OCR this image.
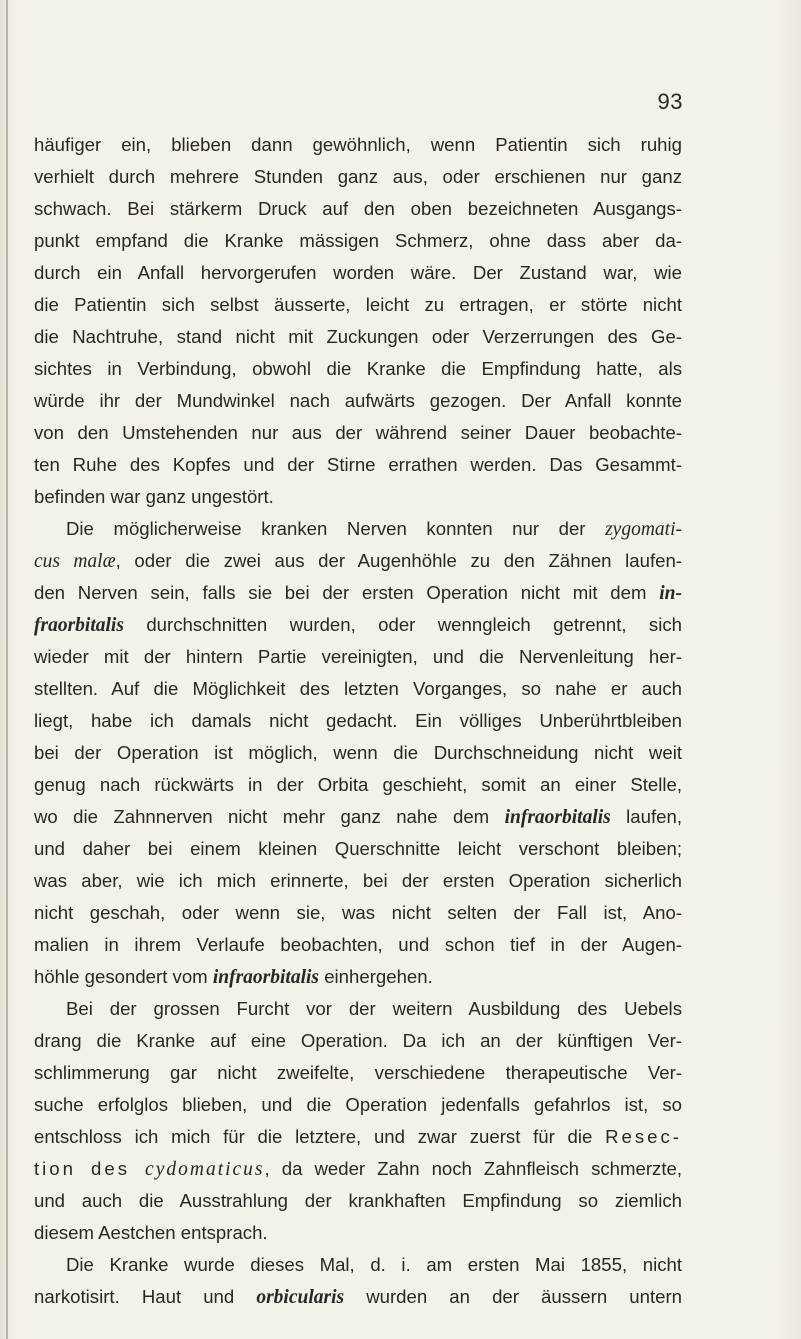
93
häufiger ein, blieben dann gewöhnlich, wenn Patientin sich ruhig
verhielt durch mehrere Stunden ganz aus, oder erschienen nur ganz
schwach. Bei stärkerm Druck auf den oben bezeichneten Ausgangs-
punkt empfand die Kranke mässigen Schmerz, ohne dass aber da-
durch ein Anfall hervorgerufen worden wäre. Der Zustand war, wie
die Patientin sich selbst äusserte, leicht zu ertragen, er störte nicht
die Nachtruhe, stand nicht mit Zuckungen oder Verzerrungen des Ge-
sichtes in Verbindung, obwohl die Kranke die Empfindung hatte, als
würde ihr der Mundwinkel nach aufwärts gezogen. Der Anfall konnte
von den Umstehenden nur aus der während seiner Dauer beobachte-
ten Ruhe des Kopfes und der Stirne errathen werden. Das Gesammt-
befinden war ganz ungestört.
Die möglicherweise kranken Nerven konnten nur der zygomati-
cus malæ, oder die zwei aus der Augenhöhle zu den Zähnen laufen-
den Nerven sein, falls sie bei der ersten Operation nicht mit dem in-
fraorbitalis durchschnitten wurden, oder wenngleich getrennt, sich
wieder mit der hintern Partie vereinigten, und die Nervenleitung her-
stellten. Auf die Möglichkeit des letzten Vorganges, so nahe er auch
liegt, habe ich damals nicht gedacht. Ein völliges Unberührtbleiben
bei der Operation ist möglich, wenn die Durchschneidung nicht weit
genug nach rückwärts in der Orbita geschieht, somit an einer Stelle,
wo die Zahnnerven nicht mehr ganz nahe dem infraorbitalis laufen,
und daher bei einem kleinen Querschnitte leicht verschont bleiben;
was aber, wie ich mich erinnerte, bei der ersten Operation sicherlich
nicht geschah, oder wenn sie, was nicht selten der Fall ist, Ano-
malien in ihrem Verlaufe beobachten, und schon tief in der Augen-
höhle gesondert vom infraorbitalis einhergehen.
Bei der grossen Furcht vor der weitern Ausbildung des Uebels
drang die Kranke auf eine Operation. Da ich an der künftigen Ver-
schlimmerung gar nicht zweifelte, verschiedene therapeutische Ver-
suche erfolglos blieben, und die Operation jedenfalls gefahrlos ist, so
entschloss ich mich für die letztere, und zwar zuerst für die Resec-
tion des cydomaticus, da weder Zahn noch Zahnfleisch schmerzte,
und auch die Ausstrahlung der krankhaften Empfindung so ziemlich
diesem Aestchen entsprach.
Die Kranke wurde dieses Mal, d. i. am ersten Mai 1855, nicht
narkotisirt. Haut und orbicularis wurden an der äussern untern
